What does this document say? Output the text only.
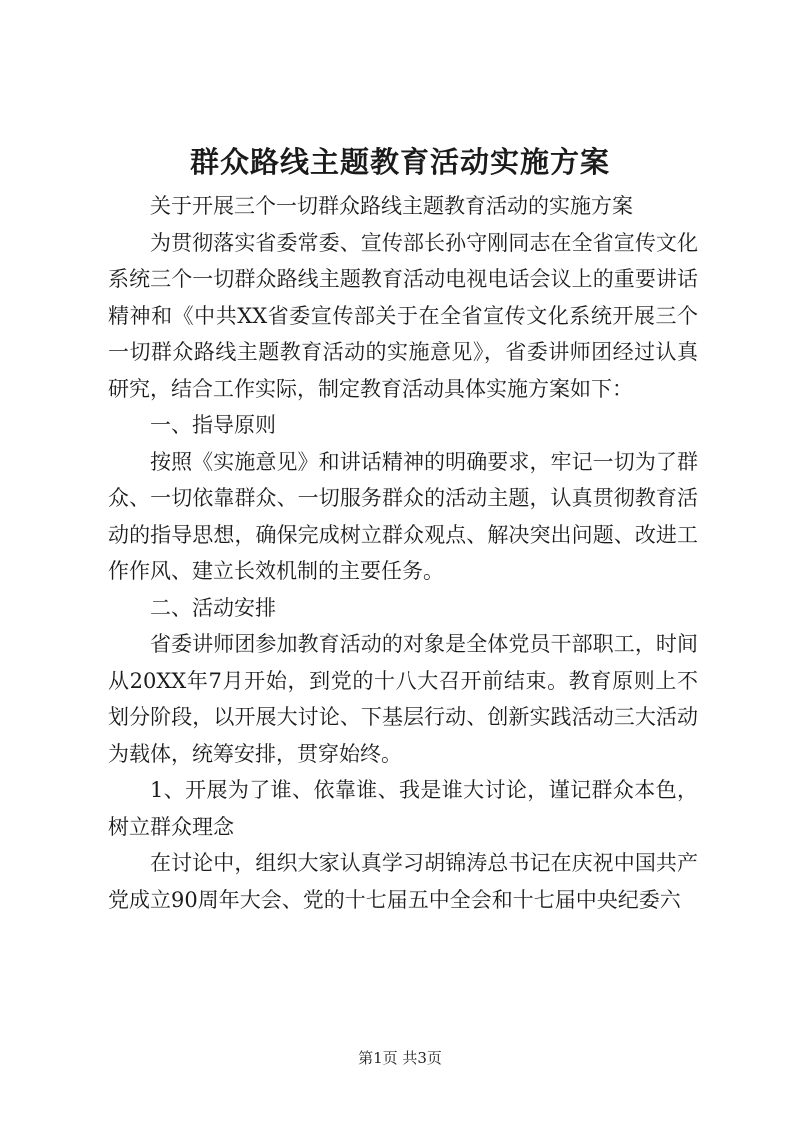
群众路线主题教育活动实施方案

关于开展三个一切群众路线主题教育活动的实施方案

为贯彻落实省委常委、宣传部长孙守刚同志在全省宣传文化系统三个一切群众路线主题教育活动电视电话会议上的重要讲话精神和《中共XX省委宣传部关于在全省宣传文化系统开展三个一切群众路线主题教育活动的实施意见》，省委讲师团经过认真研究，结合工作实际，制定教育活动具体实施方案如下：

一、指导原则

按照《实施意见》和讲话精神的明确要求，牢记一切为了群众、一切依靠群众、一切服务群众的活动主题，认真贯彻教育活动的指导思想，确保完成树立群众观点、解决突出问题、改进工作作风、建立长效机制的主要任务。

二、活动安排

省委讲师团参加教育活动的对象是全体党员干部职工，时间从20XX年7月开始，到党的十八大召开前结束。教育原则上不划分阶段，以开展大讨论、下基层行动、创新实践活动三大活动为载体，统筹安排，贯穿始终。

1、开展为了谁、依靠谁、我是谁大讨论，谨记群众本色，树立群众理念

在讨论中，组织大家认真学习胡锦涛总书记在庆祝中国共产党成立90周年大会、党的十七届五中全会和十七届中央纪委六

第1页 共3页
